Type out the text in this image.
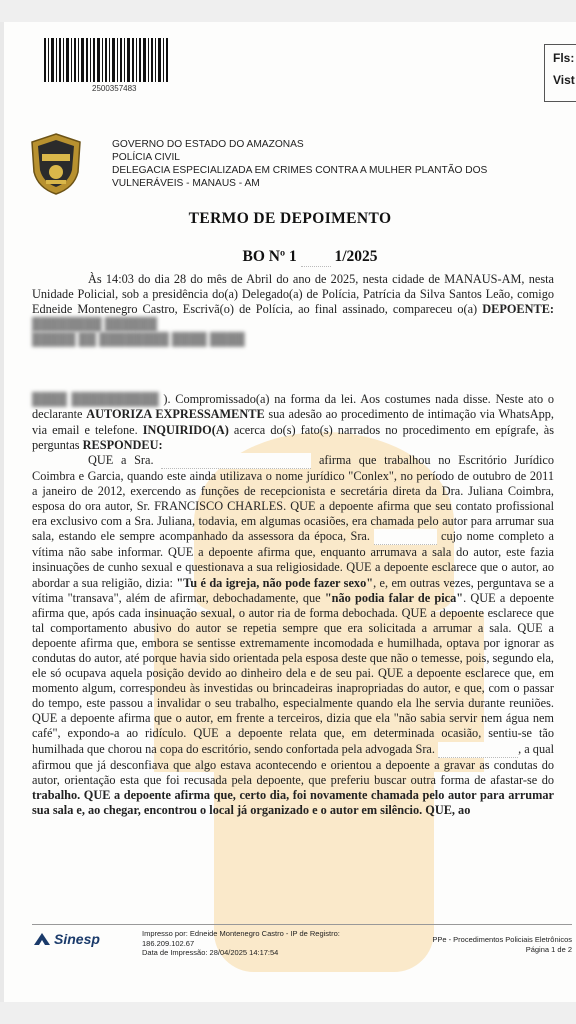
2500357483
Fls:
Vist
GOVERNO DO ESTADO DO AMAZONAS
POLÍCIA CIVIL
DELEGACIA ESPECIALIZADA EM CRIMES CONTRA A MULHER PLANTÃO DOS
VULNERÁVEIS - MANAUS - AM
TERMO DE DEPOIMENTO
BO Nº 1 1/2025

Às 14:03 do dia 28 do mês de Abril do ano de 2025, nesta cidade de MANAUS-AM, nesta Unidade Policial, sob a presidência do(a) Delegado(a) de Polícia, Patrícia da Silva Santos Leão, comigo Edneide Montenegro Castro, Escrivã(o) de Polícia, ao final assinado, compareceu o(a) DEPOENTE: ████████ ██████

█████ ██ ████████ ████ ████

████ ██████████ ). Compromissado(a) na forma da lei. Aos costumes nada disse. Neste ato o declarante AUTORIZA EXPRESSAMENTE sua adesão ao procedimento de intimação via WhatsApp, via email e telefone. INQUIRIDO(A) acerca do(s) fato(s) narrados no procedimento em epígrafe, às perguntas RESPONDEU:

QUE a Sra.	afirma que trabalhou no Escritório Jurídico Coimbra e Garcia, quando este ainda utilizava o nome jurídico "Conlex", no período de outubro de 2011 a janeiro de 2012, exercendo as funções de recepcionista e secretária direta da Dra. Juliana Coimbra, esposa do ora autor, Sr. FRANCISCO CHARLES. QUE a depoente afirma que seu contato profissional era exclusivo com a Sra. Juliana, todavia, em algumas ocasiões, era chamada pelo autor para arrumar sua sala, estando ele sempre acompanhado da assessora da época, Sra.	cujo nome completo a vítima não sabe informar. QUE a depoente afirma que, enquanto arrumava a sala do autor, este fazia insinuações de cunho sexual e questionava a sua religiosidade. QUE a depoente esclarece que o autor, ao abordar a sua religião, dizia: "Tu é da igreja, não pode fazer sexo", e, em outras vezes, perguntava se a vítima "transava", além de afirmar, debochadamente, que "não podia falar de pica". QUE a depoente afirma que, após cada insinuação sexual, o autor ria de forma debochada. QUE a depoente esclarece que tal comportamento abusivo do autor se repetia sempre que era solicitada a arrumar a sala. QUE a depoente afirma que, embora se sentisse extremamente incomodada e humilhada, optava por ignorar as condutas do autor, até porque havia sido orientada pela esposa deste que não o temesse, pois, segundo ela, ele só ocupava aquela posição devido ao dinheiro dela e de seu pai. QUE a depoente esclarece que, em momento algum, correspondeu às investidas ou brincadeiras inapropriadas do autor, e que, com o passar do tempo, este passou a invalidar o seu trabalho, especialmente quando ela lhe servia durante reuniões. QUE a depoente afirma que o autor, em frente a terceiros, dizia que ela "não sabia servir nem água nem café", expondo-a ao ridículo. QUE a depoente relata que, em determinada ocasião, sentiu-se tão humilhada que chorou na copa do escritório, sendo confortada pela advogada Sra.	, a qual afirmou que já desconfiava que algo estava acontecendo e orientou a depoente a gravar as condutas do autor, orientação esta que foi recusada pela depoente, que preferiu buscar outra forma de afastar-se do trabalho. QUE a depoente afirma que, certo dia, foi novamente chamada pelo autor para arrumar sua sala e, ao chegar, encontrou o local já organizado e o autor em silêncio. QUE, ao

Sinesp	Impresso por: Edneide Montenegro Castro - IP de Registro:
186.209.102.67
Data de Impressão: 28/04/2025 14:17:54
PPe - Procedimentos Policiais Eletrônicos
Página 1 de 2
